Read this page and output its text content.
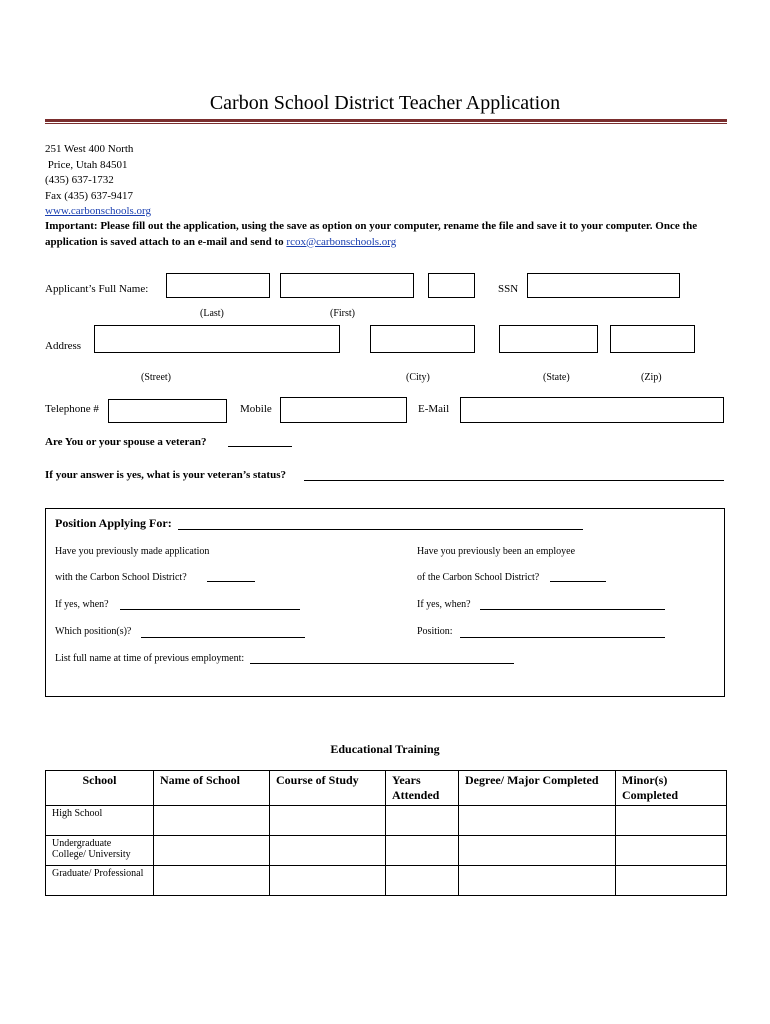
Carbon School District Teacher Application
251 West 400 North
Price, Utah 84501
(435) 637-1732
Fax (435) 637-9417
www.carbonschools.org
Important: Please fill out the application, using the save as option on your computer, rename the file and save it to your computer. Once the application is saved attach to an e-mail and send to rcox@carbonschools.org
Applicant’s Full Name:	SSN
(Last)	(First)
Address
(Street)	(City)	(State)	(Zip)
Telephone #	Mobile	E-Mail
Are You or your spouse a veteran?
If your answer is yes, what is your veteran’s status?
Position Applying For:
Have you previously made application	Have you previously been an employee
with the Carbon School District?	of the Carbon School District?
If yes, when?	If yes, when?
Which position(s)?	Position:
List full name at time of previous employment:
Educational Training
School	Name of School	Course of Study	Years Attended	Degree/ Major Completed	Minor(s) Completed
High School					
Undergraduate College/ University					
Graduate/ Professional					
